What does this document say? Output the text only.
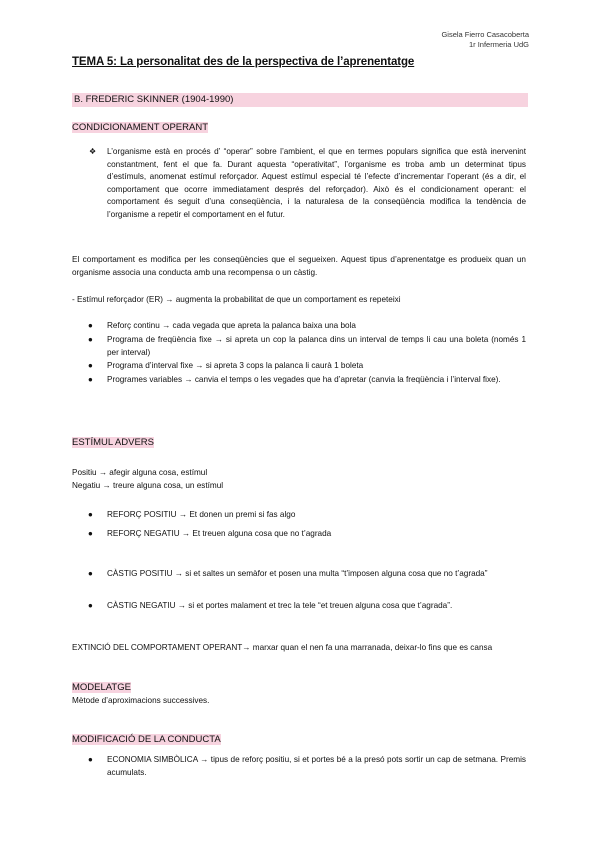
Gisela Fierro Casacoberta
1r Infermeria UdG
TEMA 5: La personalitat des de la perspectiva de l’aprenentatge
B. FREDERIC SKINNER (1904-1990)
CONDICIONAMENT OPERANT
❖ L’organisme està en procés d’ “operar” sobre l’ambient, el que en termes populars significa que està inervenint constantment, fent el que fa. Durant aquesta “operativitat”, l’organisme es troba amb un determinat tipus d’estímuls, anomenat estímul reforçador. Aquest estímul especial té l’efecte d’incrementar l’operant (és a dir, el comportament que ocorre immediatament després del reforçador). Això és el condicionament operant: el comportament és seguit d’una conseqüència, i la naturalesa de la conseqüència modifica la tendència de l’organisme a repetir el comportament en el futur.
El comportament es modifica per les conseqüències que el segueixen. Aquest tipus d’aprenentatge es produeix quan un organisme associa una conducta amb una recompensa o un càstig.
- Estímul reforçador (ER) → augmenta la probabilitat de que un comportament es repeteixi
● Reforç continu → cada vegada que apreta la palanca baixa una bola
● Programa de freqüència fixe → si apreta un cop la palanca dins un interval de temps li cau una boleta (només 1 per interval)
● Programa d’interval fixe → si apreta 3 cops la palanca li caurà 1 boleta
● Programes variables → canvia el temps o les vegades que ha d’apretar (canvia la freqüència i l’interval fixe).
ESTÍMUL ADVERS
Positiu → afegir alguna cosa, estímul
Negatiu → treure alguna cosa, un estímul
● REFORÇ POSITIU → Et donen un premi si fas algo
● REFORÇ NEGATIU → Et treuen alguna cosa que no t’agrada
● CÀSTIG POSITIU → si et saltes un semàfor et posen una multa “t’imposen alguna cosa que no t’agrada”
● CÀSTIG NEGATIU → si et portes malament et trec la tele “et treuen alguna cosa que t’agrada”.
EXTINCIÓ DEL COMPORTAMENT OPERANT→ marxar quan el nen fa una marranada, deixar-lo fins que es cansa
MODELATGE
Mètode d’aproximacions successives.
MODIFICACIÓ DE LA CONDUCTA
● ECONOMIA SIMBÒLICA → tipus de reforç positiu, si et portes bé a la presó pots sortir un cap de setmana. Premis acumulats.
